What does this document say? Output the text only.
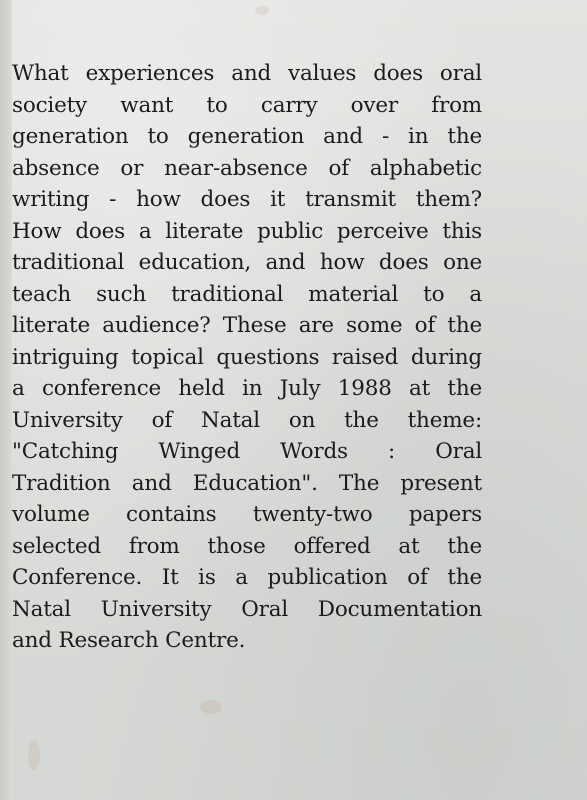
What experiences and values does oral
society want to carry over from
generation to generation and - in the
absence or near-absence of alphabetic
writing - how does it transmit them?
How does a literate public perceive this
traditional education, and how does one
teach such traditional material to a
literate audience? These are some of the
intriguing topical questions raised during
a conference held in July 1988 at the
University of Natal on the theme:
"Catching Winged Words : Oral
Tradition and Education". The present
volume contains twenty-two papers
selected from those offered at the
Conference. It is a publication of the
Natal University Oral Documentation
and Research Centre.
